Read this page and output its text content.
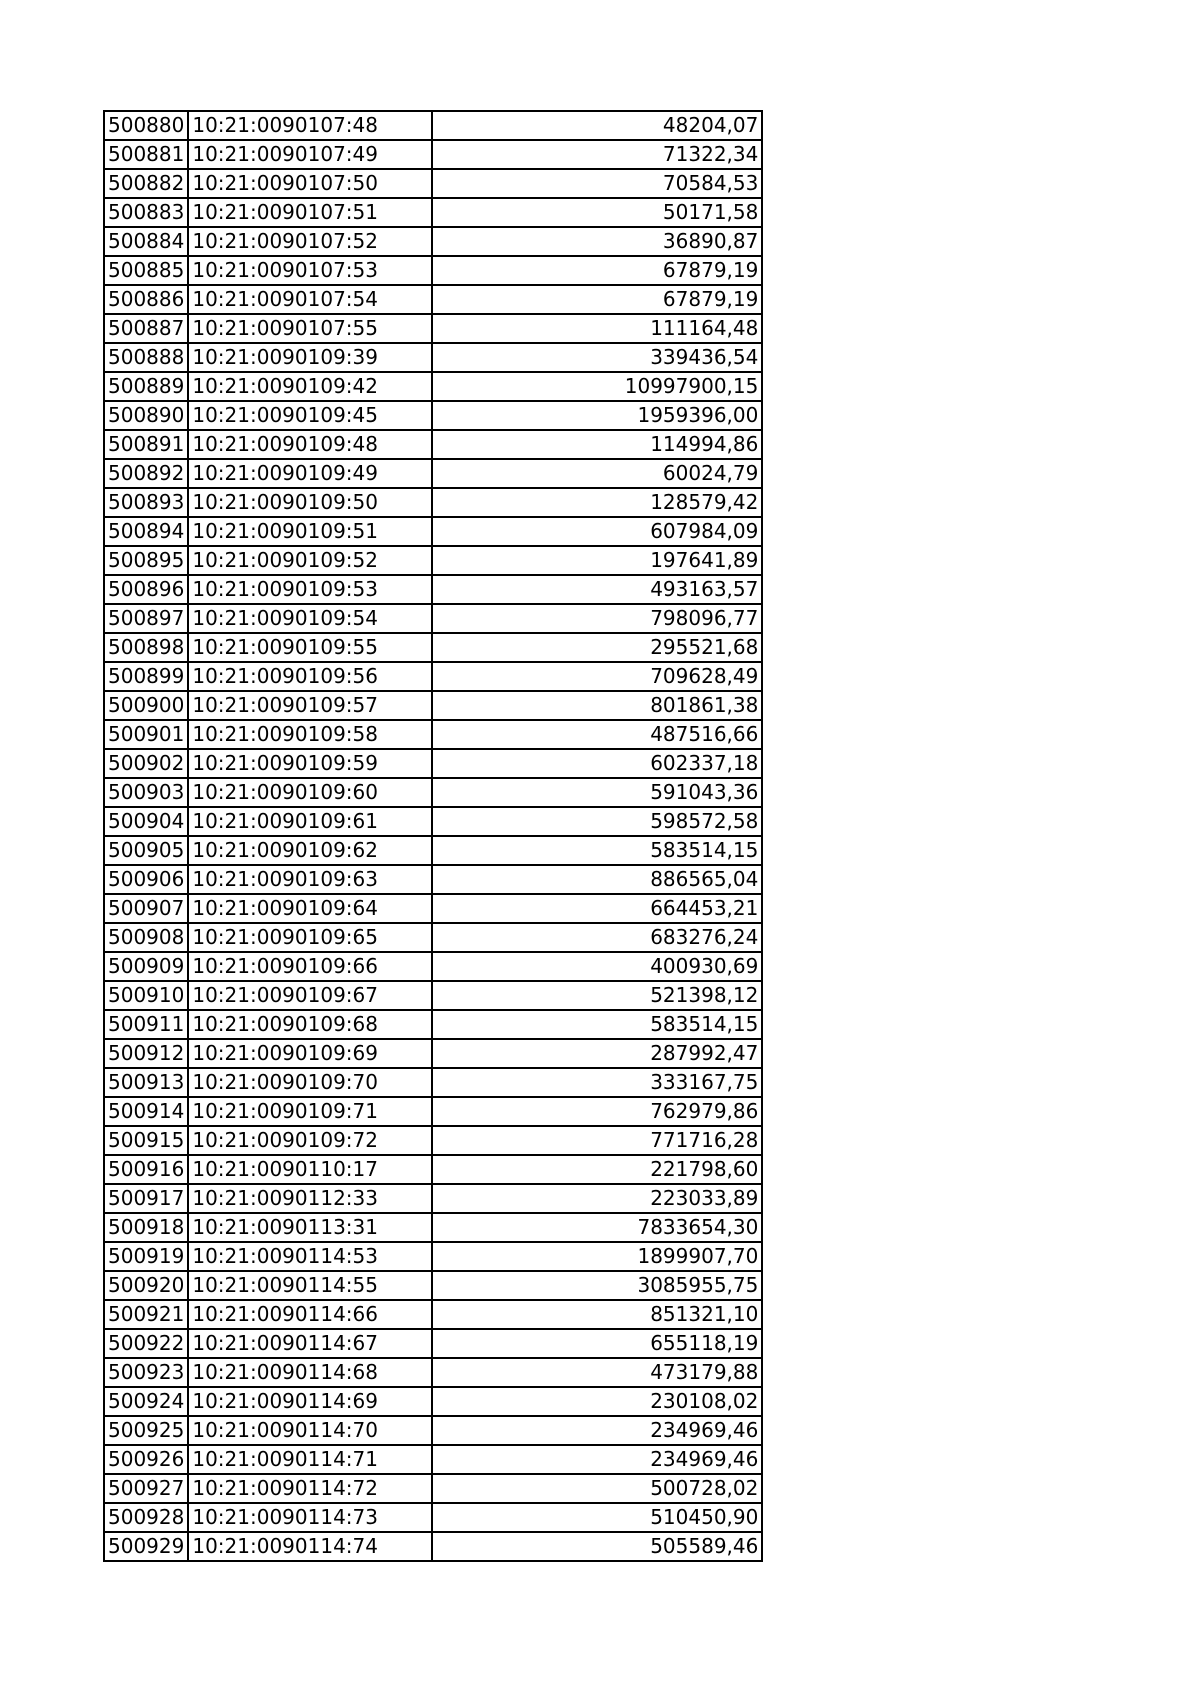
500880	10:21:0090107:48	48204,07
500881	10:21:0090107:49	71322,34
500882	10:21:0090107:50	70584,53
500883	10:21:0090107:51	50171,58
500884	10:21:0090107:52	36890,87
500885	10:21:0090107:53	67879,19
500886	10:21:0090107:54	67879,19
500887	10:21:0090107:55	111164,48
500888	10:21:0090109:39	339436,54
500889	10:21:0090109:42	10997900,15
500890	10:21:0090109:45	1959396,00
500891	10:21:0090109:48	114994,86
500892	10:21:0090109:49	60024,79
500893	10:21:0090109:50	128579,42
500894	10:21:0090109:51	607984,09
500895	10:21:0090109:52	197641,89
500896	10:21:0090109:53	493163,57
500897	10:21:0090109:54	798096,77
500898	10:21:0090109:55	295521,68
500899	10:21:0090109:56	709628,49
500900	10:21:0090109:57	801861,38
500901	10:21:0090109:58	487516,66
500902	10:21:0090109:59	602337,18
500903	10:21:0090109:60	591043,36
500904	10:21:0090109:61	598572,58
500905	10:21:0090109:62	583514,15
500906	10:21:0090109:63	886565,04
500907	10:21:0090109:64	664453,21
500908	10:21:0090109:65	683276,24
500909	10:21:0090109:66	400930,69
500910	10:21:0090109:67	521398,12
500911	10:21:0090109:68	583514,15
500912	10:21:0090109:69	287992,47
500913	10:21:0090109:70	333167,75
500914	10:21:0090109:71	762979,86
500915	10:21:0090109:72	771716,28
500916	10:21:0090110:17	221798,60
500917	10:21:0090112:33	223033,89
500918	10:21:0090113:31	7833654,30
500919	10:21:0090114:53	1899907,70
500920	10:21:0090114:55	3085955,75
500921	10:21:0090114:66	851321,10
500922	10:21:0090114:67	655118,19
500923	10:21:0090114:68	473179,88
500924	10:21:0090114:69	230108,02
500925	10:21:0090114:70	234969,46
500926	10:21:0090114:71	234969,46
500927	10:21:0090114:72	500728,02
500928	10:21:0090114:73	510450,90
500929	10:21:0090114:74	505589,46
